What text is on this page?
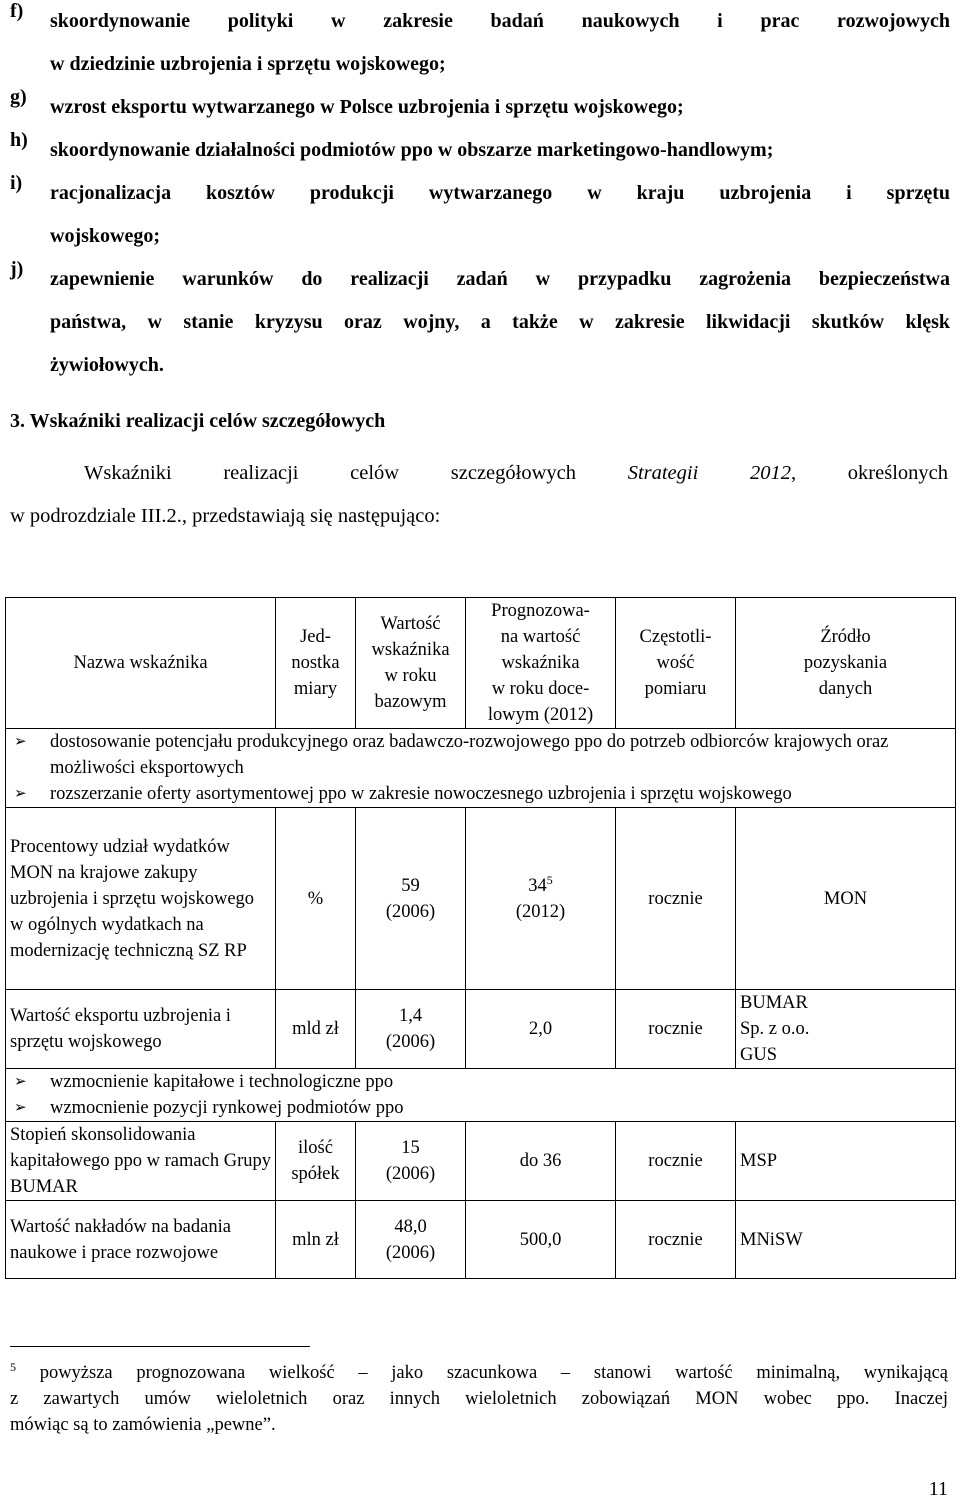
f) skoordynowanie polityki w zakresie badań naukowych i prac rozwojowych
w dziedzinie uzbrojenia i sprzętu wojskowego;
g) wzrost eksportu wytwarzanego w Polsce uzbrojenia i sprzętu wojskowego;
h) skoordynowanie działalności podmiotów ppo w obszarze marketingowo-handlowym;
i) racjonalizacja kosztów produkcji wytwarzanego w kraju uzbrojenia i sprzętu
wojskowego;
j) zapewnienie warunków do realizacji zadań w przypadku zagrożenia bezpieczeństwa
państwa, w stanie kryzysu oraz wojny, a także w zakresie likwidacji skutków klęsk
żywiołowych.
3. Wskaźniki realizacji celów szczegółowych
Wskaźniki realizacji celów szczegółowych Strategii 2012, określonych
w podrozdziale III.2., przedstawiają się następująco:
Nazwa wskaźnika	Jed-
nostka
miary	Wartość
wskaźnika
w roku
bazowym	Prognozowa-
na wartość
wskaźnika
w roku doce-
lowym (2012)	Częstotli-
wość
pomiaru	Źródło
pozyskania
danych

➢ dostosowanie potencjału produkcyjnego oraz badawczo-rozwojowego ppo do potrzeb odbiorców krajowych oraz możliwości eksportowych
➢ rozszerzanie oferty asortymentowej ppo w zakresie nowoczesnego uzbrojenia i sprzętu wojskowego					

Procentowy udział wydatków MON na krajowe zakupy uzbrojenia i sprzętu wojskowego w ogólnych wydatkach na modernizację techniczną SZ RP	%	59
(2006)	$34^5$
(2012)	rocznie	MON
Wartość eksportu uzbrojenia i sprzętu wojskowego	mld zł	1,4
(2006)	2,0	rocznie	BUMAR
Sp. z o.o.
GUS

➢ wzmocnienie kapitałowe i technologiczne ppo
➢ wzmocnienie pozycji rynkowej podmiotów ppo					

Stopień skonsolidowania kapitałowego ppo w ramach Grupy BUMAR	ilość spółek	15
(2006)	do 36	rocznie	MSP
Wartość nakładów na badania naukowe i prace rozwojowe	mln zł	48,0
(2006)	500,0	rocznie	MNiSW
$^5$ powyższa prognozowana wielkość – jako szacunkowa – stanowi wartość minimalną, wynikającą
z zawartych umów wieloletnich oraz innych wieloletnich zobowiązań MON wobec ppo. Inaczej
mówiąc są to zamówienia „pewne”.
11
